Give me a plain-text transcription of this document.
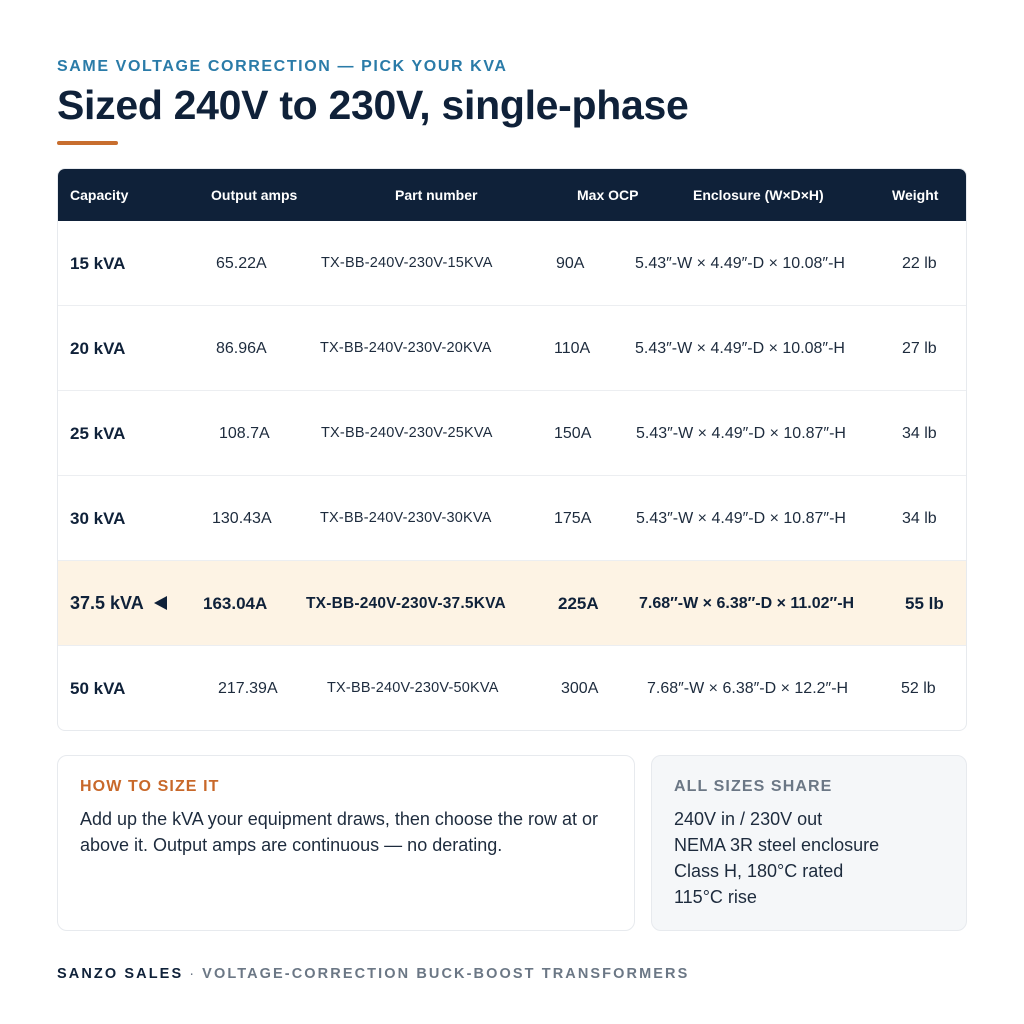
SAME VOLTAGE CORRECTION — PICK YOUR KVA
Sized 240V to 230V, single-phase
Capacity	Output amps	Part number	Max OCP	Enclosure (W×D×H)	Weight
15 kVA	65.22A	TX-BB-240V-230V-15KVA	90A	5.43″-W × 4.49″-D × 10.08″-H	22 lb
20 kVA	86.96A	TX-BB-240V-230V-20KVA	110A	5.43″-W × 4.49″-D × 10.08″-H	27 lb
25 kVA	108.7A	TX-BB-240V-230V-25KVA	150A	5.43″-W × 4.49″-D × 10.87″-H	34 lb
30 kVA	130.43A	TX-BB-240V-230V-30KVA	175A	5.43″-W × 4.49″-D × 10.87″-H	34 lb
37.5 kVA	163.04A TX-BB-240V-230V-37.5KVA	225A	7.68″-W × 6.38″-D × 11.02″-H	55 lb
50 kVA	217.39A	TX-BB-240V-230V-50KVA	300A	7.68″-W × 6.38″-D × 12.2″-H	52 lb
HOW TO SIZE IT

Add up the kVA your equipment draws, then choose the row at or above it. Output amps are continuous — no derating.

ALL SIZES SHARE
240V in / 230V out
NEMA 3R steel enclosure
Class H, 180°C rated
115°C rise
SANZO SALES · VOLTAGE-CORRECTION BUCK-BOOST TRANSFORMERS
